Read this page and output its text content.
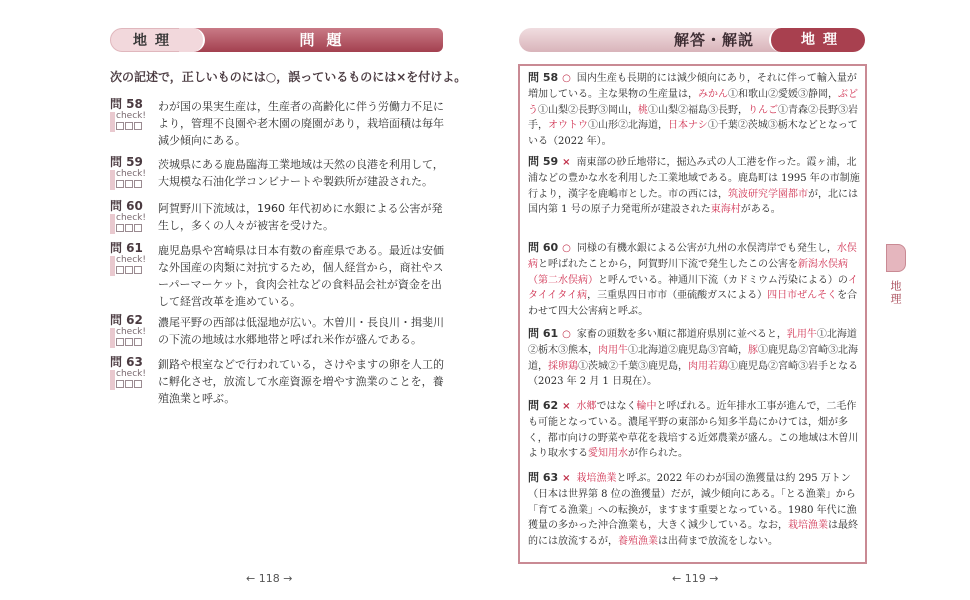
問題
地理
次の記述で，正しいものには○，誤っているものには×を付けよ。
問 58
check!
わが国の果実生産は，生産者の高齢化に伴う労働力不足により，管理不良園や老木園の廃園があり，栽培面積は毎年減少傾向にある。
問 59
check!
茨城県にある鹿島臨海工業地域は天然の良港を利用して，大規模な石油化学コンビナートや製鉄所が建設された。
問 60
check!
阿賀野川下流域は，1960 年代初めに水銀による公害が発生し，多くの人々が被害を受けた。
問 61
check!
鹿児島県や宮崎県は日本有数の畜産県である。最近は安価な外国産の肉類に対抗するため，個人経営から，商社やスーパーマーケット，食肉会社などの食料品会社が資金を出して経営改革を進めている。
問 62
check!
濃尾平野の西部は低湿地が広い。木曽川・長良川・揖斐川の下流の地域は水郷地帯と呼ばれ米作が盛んである。
問 63
check!
釧路や根室などで行われている，さけやますの卵を人工的に孵化させ，放流して水産資源を増やす漁業のことを，養殖漁業と呼ぶ。
← 118 →
解答・解説	地理
問 58 ○ 国内生産も長期的には減少傾向にあり，それに伴って輸入量が増加している。主な果物の生産量は，みかん①和歌山②愛媛③静岡，ぶどう①山梨②長野③岡山，桃①山梨②福島③長野，りんご①青森②長野③岩手，オウトウ①山形②北海道，日本ナシ①千葉②茨城③栃木などとなっている（2022 年）。
問 59 × 南東部の砂丘地帯に，掘込み式の人工港を作った。霞ヶ浦，北浦などの豊かな水を利用した工業地域である。鹿島町は 1995 年の市制施行より，漢字を鹿嶋市とした。市の西には，筑波研究学園都市が，北には国内第 1 号の原子力発電所が建設された東海村がある。
問 60 ○ 同様の有機水銀による公害が九州の水俣湾岸でも発生し，水俣病と呼ばれたことから，阿賀野川下流で発生したこの公害を新潟水俣病（第二水俣病）と呼んでいる。神通川下流（カドミウム汚染による）のイタイイタイ病，三重県四日市市（亜硫酸ガスによる）四日市ぜんそくを合わせて四大公害病と呼ぶ。
問 61 ○ 家畜の頭数を多い順に都道府県別に並べると，乳用牛①北海道②栃木③熊本，肉用牛①北海道②鹿児島③宮崎，豚①鹿児島②宮崎③北海道，採卵鶏①茨城②千葉③鹿児島，肉用若鶏①鹿児島②宮崎③岩手となる（2023 年 2 月 1 日現在）。
問 62 × 水郷ではなく輪中と呼ばれる。近年排水工事が進んで，二毛作も可能となっている。濃尾平野の東部から知多半島にかけては，畑が多く，都市向けの野菜や草花を栽培する近郊農業が盛ん。この地域は木曽川より取水する愛知用水が作られた。
問 63 × 栽培漁業と呼ぶ。2022 年のわが国の漁獲量は約 295 万トン（日本は世界第 8 位の漁獲量）だが，減少傾向にある。「とる漁業」から「育てる漁業」への転換が，ますます重要となっている。1980 年代に漁獲量の多かった沖合漁業も，大きく減少している。なお，栽培漁業は最終的には放流するが，養殖漁業は出荷まで放流をしない。
地理
← 119 →
